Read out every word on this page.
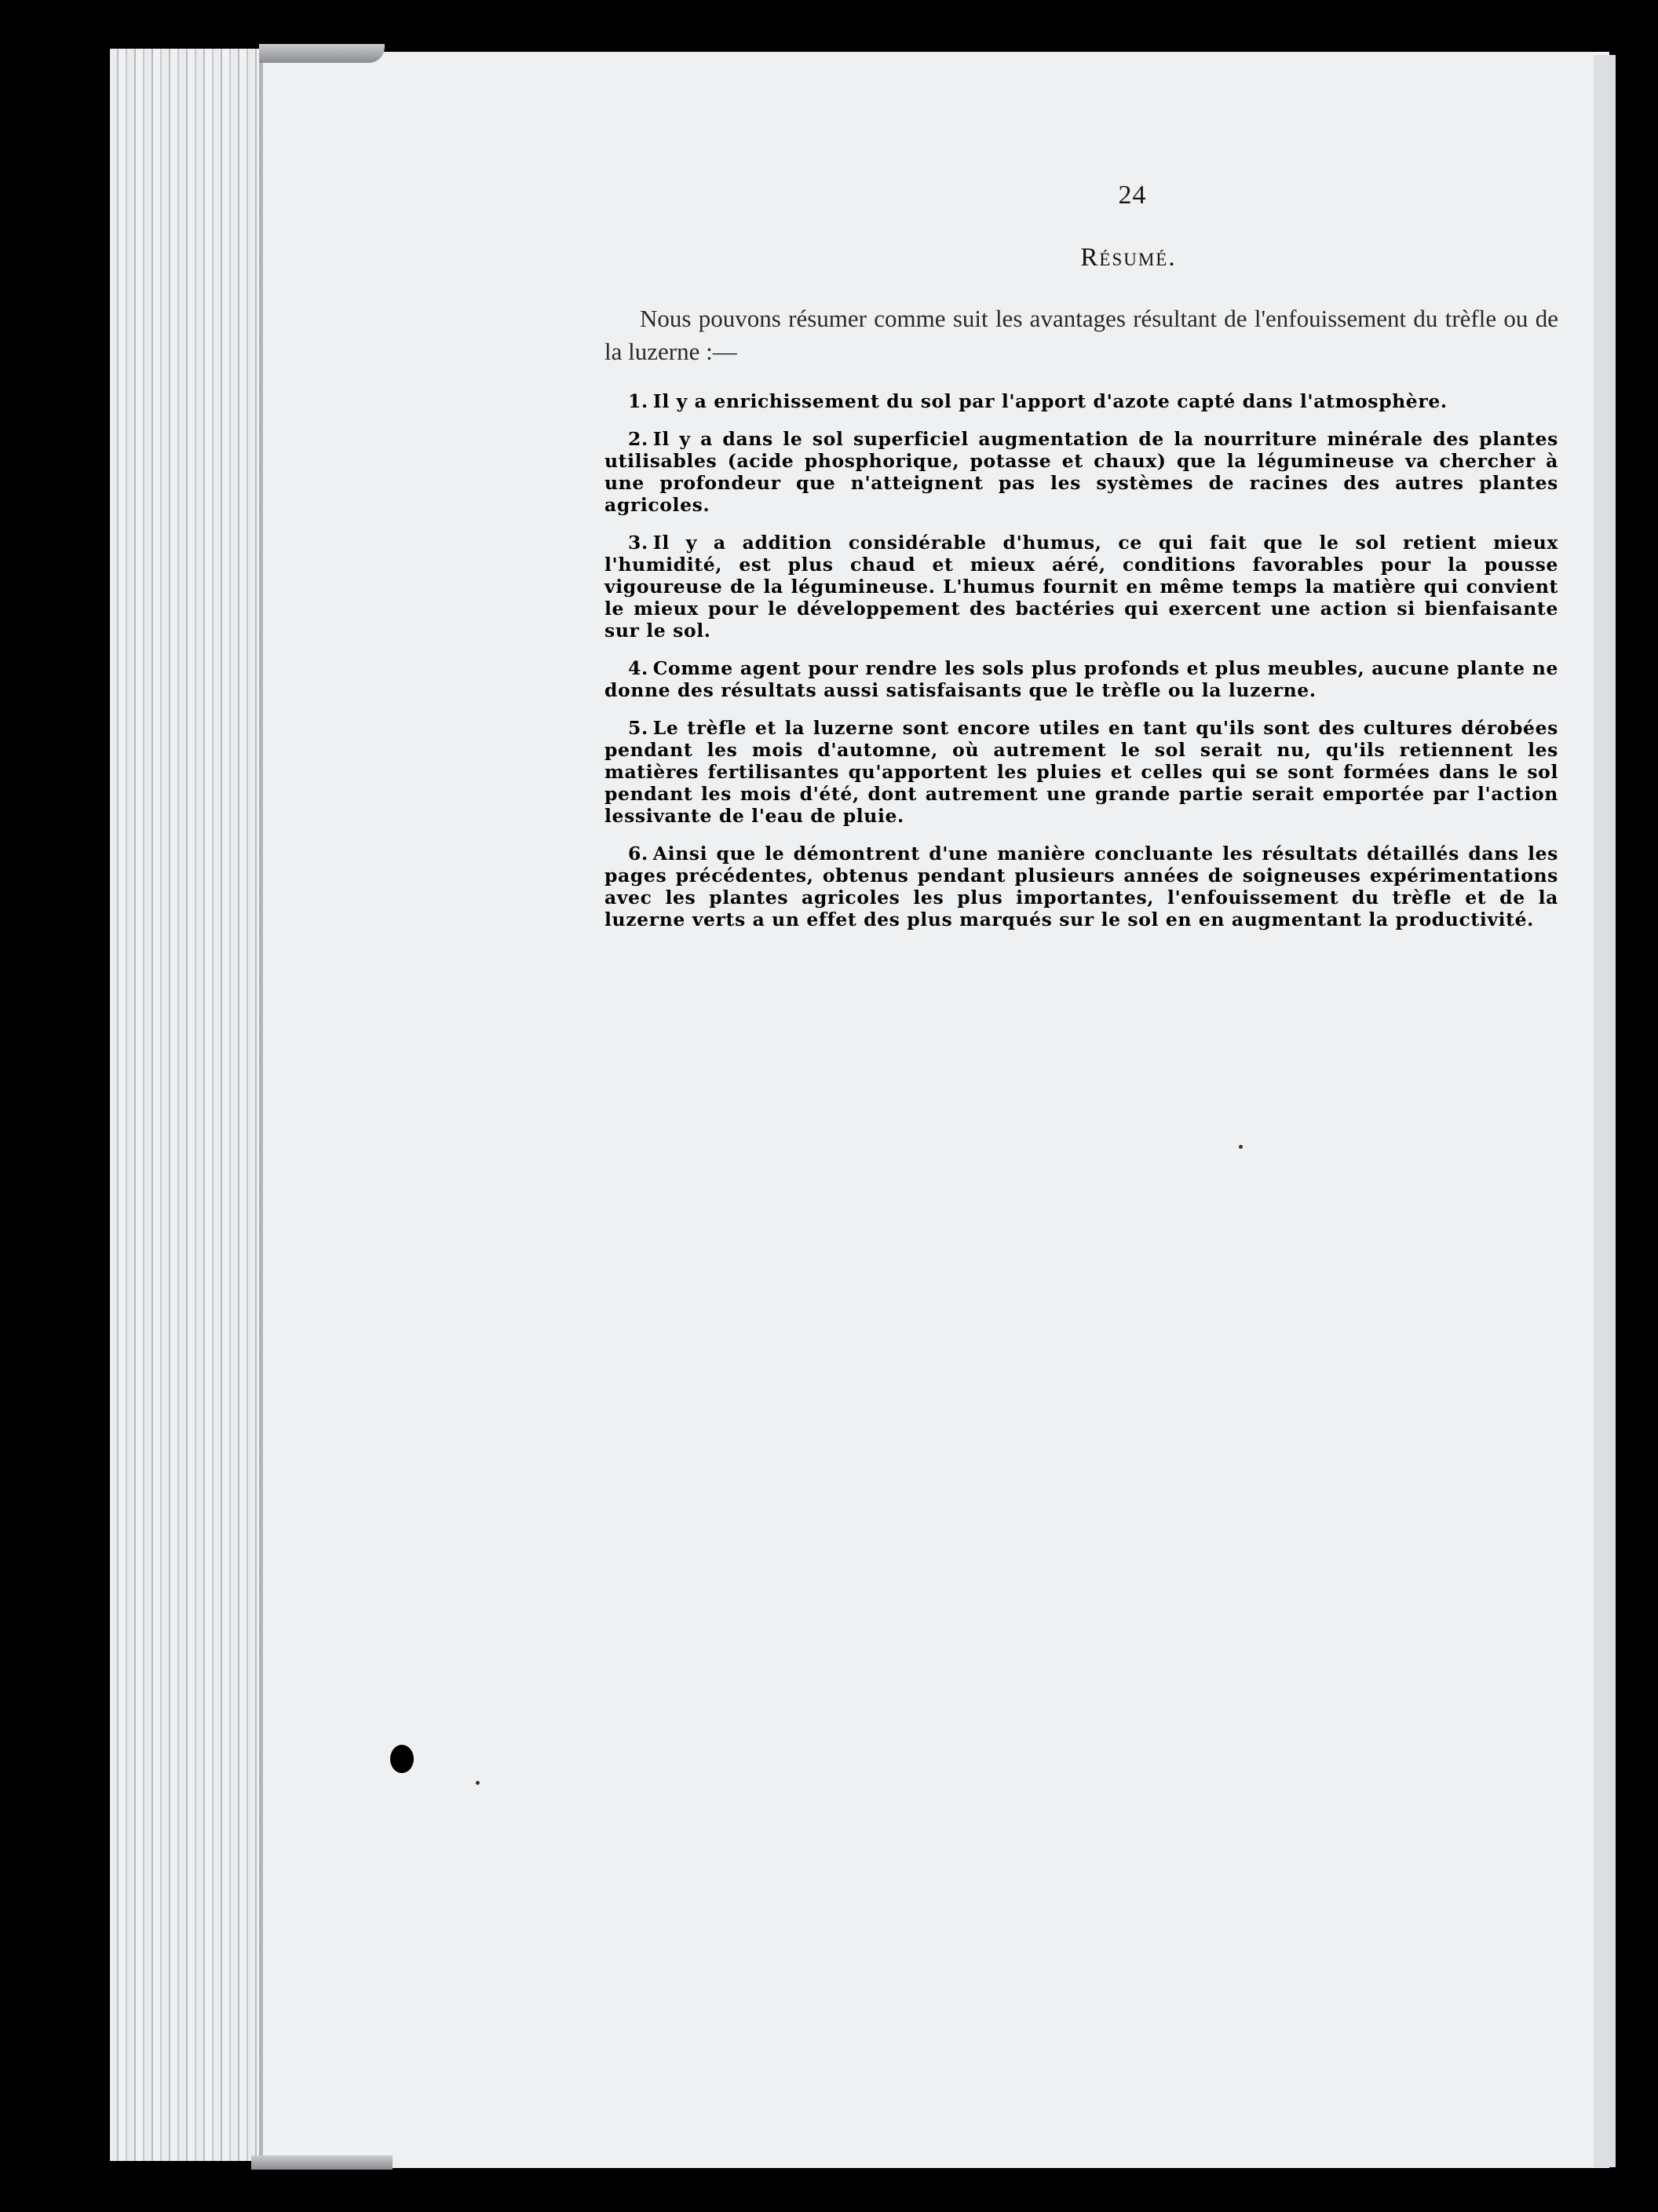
24
Résumé.

Nous pouvons résumer comme suit les avantages résultant de l'enfouissement du trèfle ou de la luzerne :—

1. Il y a enrichissement du sol par l'apport d'azote capté dans l'atmosphère.

2. Il y a dans le sol superficiel augmentation de la nourriture minérale des plantes utilisables (acide phosphorique, potasse et chaux) que la légumineuse va chercher à une profondeur que n'atteignent pas les systèmes de racines des autres plantes agricoles.

3. Il y a addition considérable d'humus, ce qui fait que le sol retient mieux l'humidité, est plus chaud et mieux aéré, conditions favorables pour la pousse vigoureuse de la légumineuse. L'humus fournit en même temps la matière qui convient le mieux pour le développement des bactéries qui exercent une action si bienfaisante sur le sol.

4. Comme agent pour rendre les sols plus profonds et plus meubles, aucune plante ne donne des résultats aussi satisfaisants que le trèfle ou la luzerne.

5. Le trèfle et la luzerne sont encore utiles en tant qu'ils sont des cultures dérobées pendant les mois d'automne, où autrement le sol serait nu, qu'ils retiennent les matières fertilisantes qu'apportent les pluies et celles qui se sont formées dans le sol pendant les mois d'été, dont autrement une grande partie serait emportée par l'action lessivante de l'eau de pluie.

6. Ainsi que le démontrent d'une manière concluante les résultats détaillés dans les pages précédentes, obtenus pendant plusieurs années de soigneuses expérimentations avec les plantes agricoles les plus importantes, l'enfouissement du trèfle et de la luzerne verts a un effet des plus marqués sur le sol en en augmentant la productivité.
